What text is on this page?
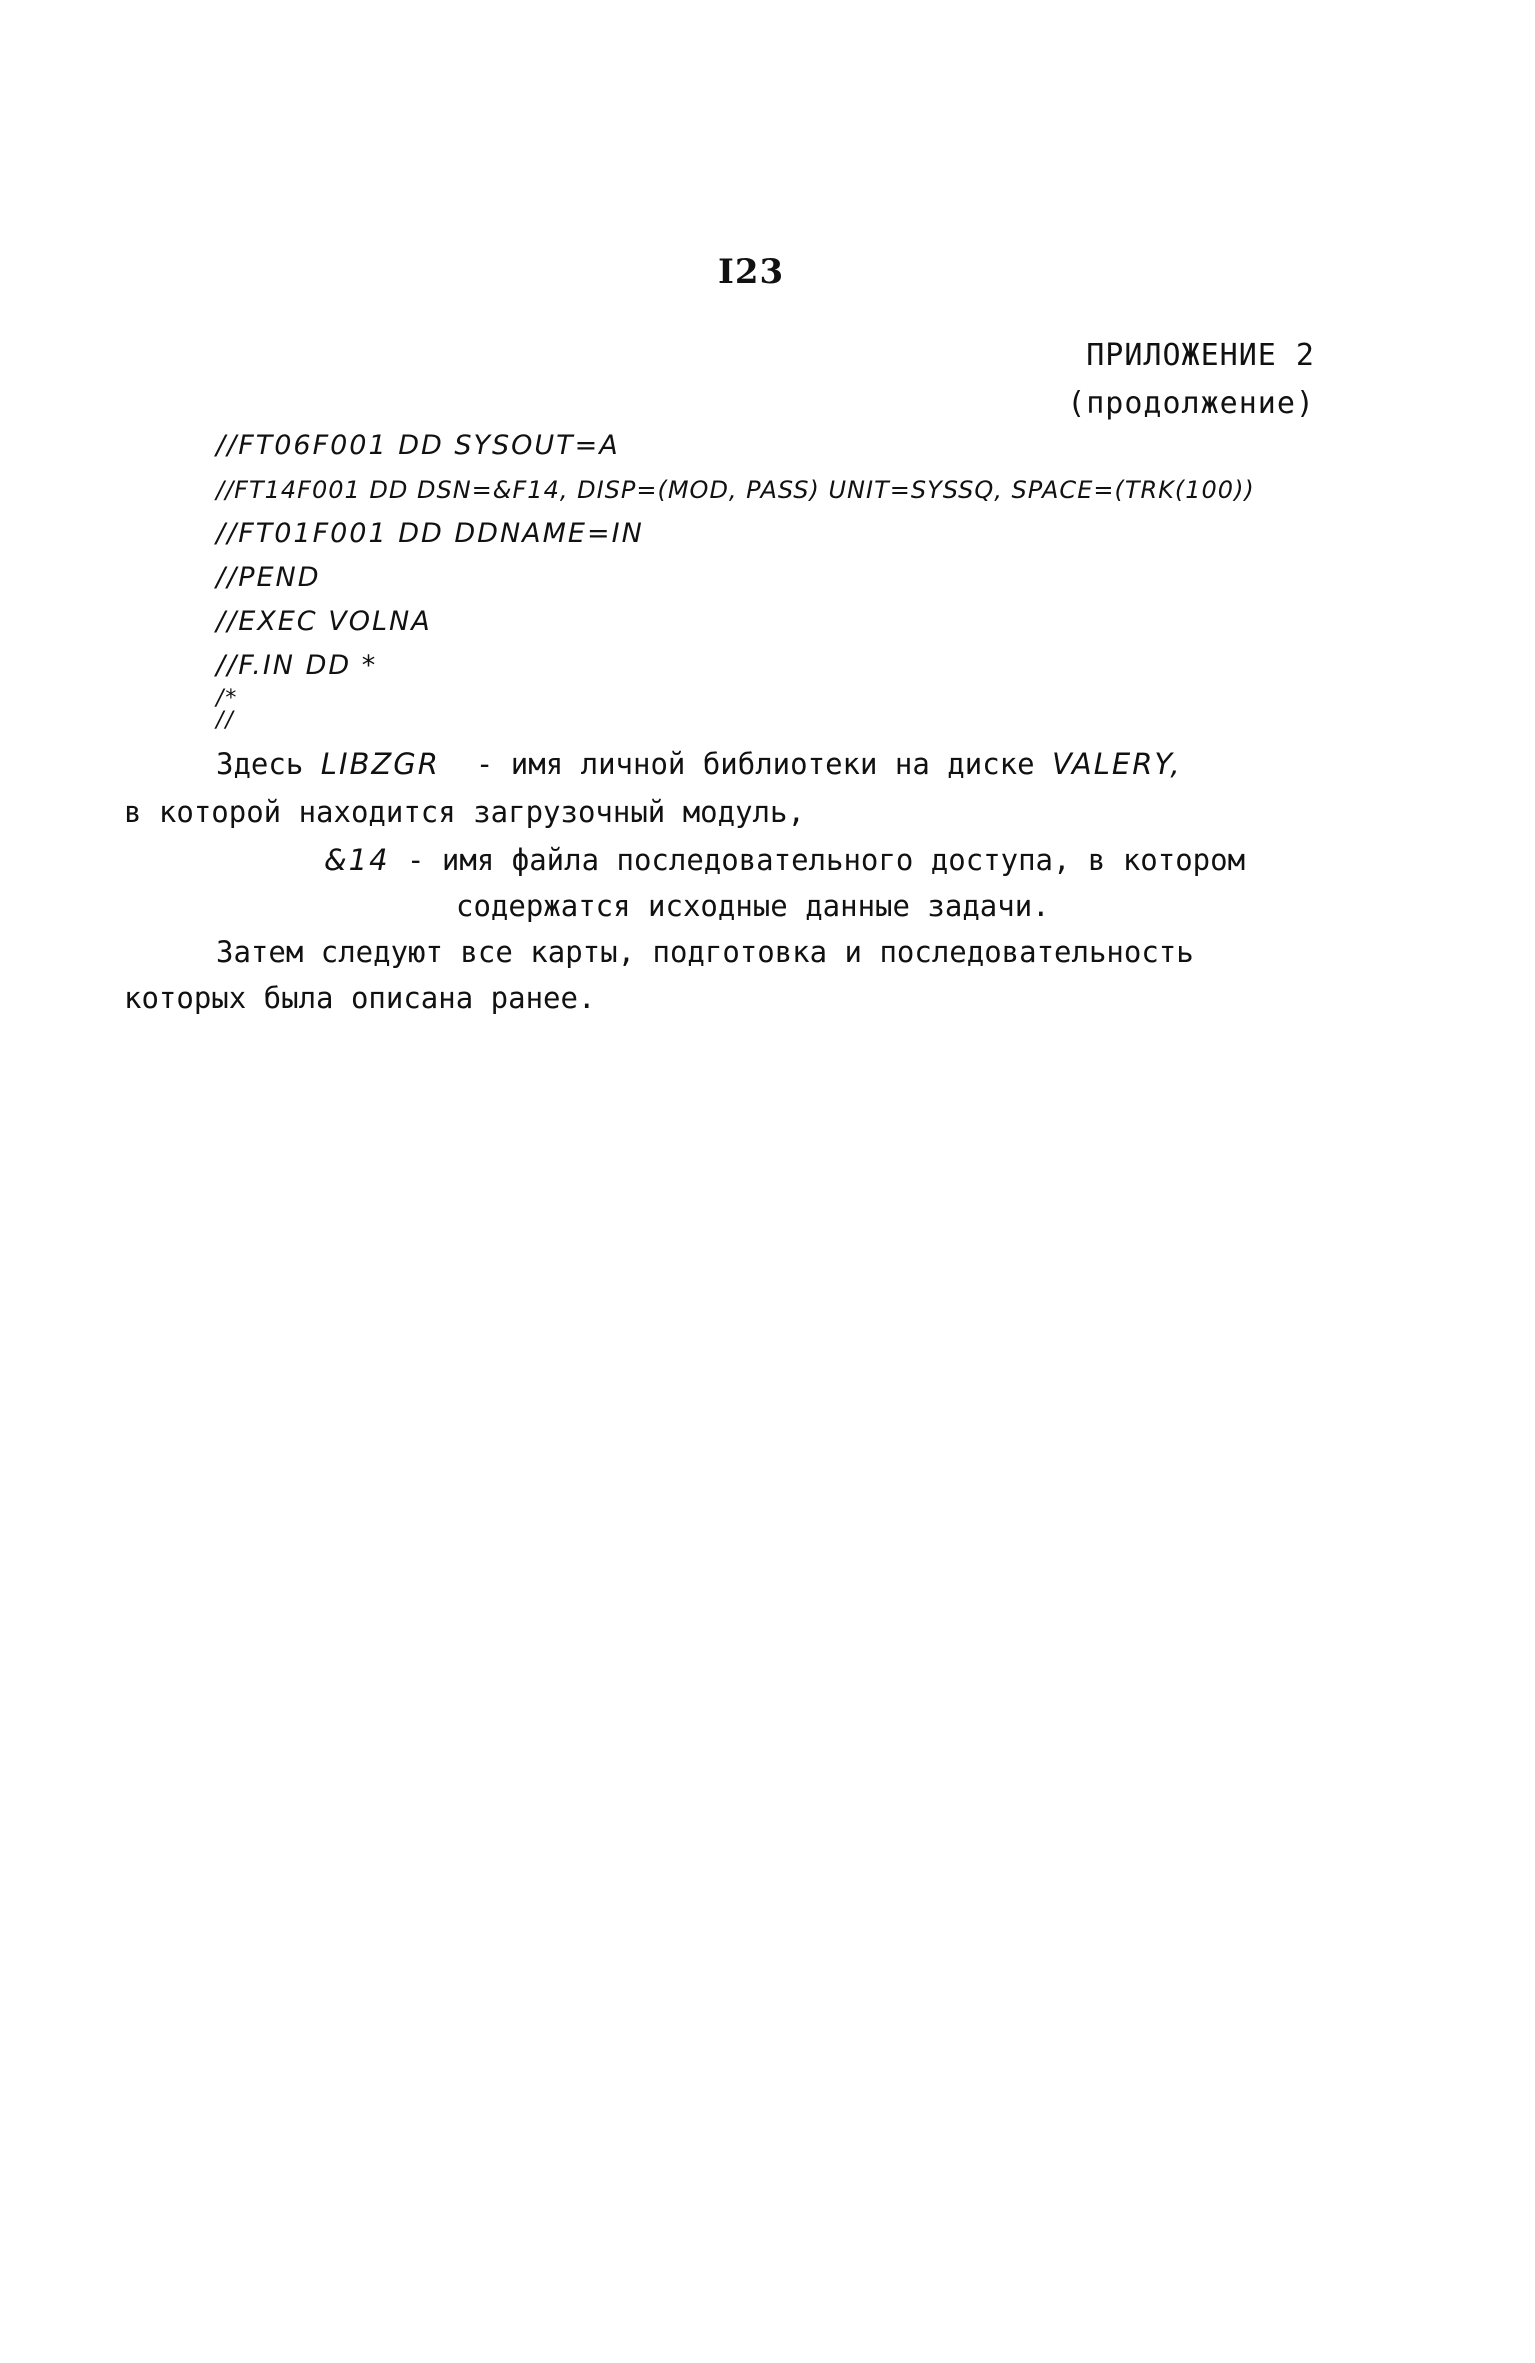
I23
ПРИЛОЖЕНИЕ 2
(продолжение)
//FT06F001 DD SYSOUT=A
//FT14F001 DD DSN=&F14, DISP=(MOD, PASS) UNIT=SYSSQ, SPACE=(TRK(100))
//FT01F001 DD DDNAME=IN
//PEND
//EXEC VOLNA
//F.IN DD *
/*
//
Здесь LIBZGR - имя личной библиотеки на диске VALERY,
в которой находится загрузочный модуль,
&14 - имя файла последовательного доступа, в котором
содержатся исходные данные задачи.
Затем следуют все карты, подготовка и последовательность
которых была описана ранее.
